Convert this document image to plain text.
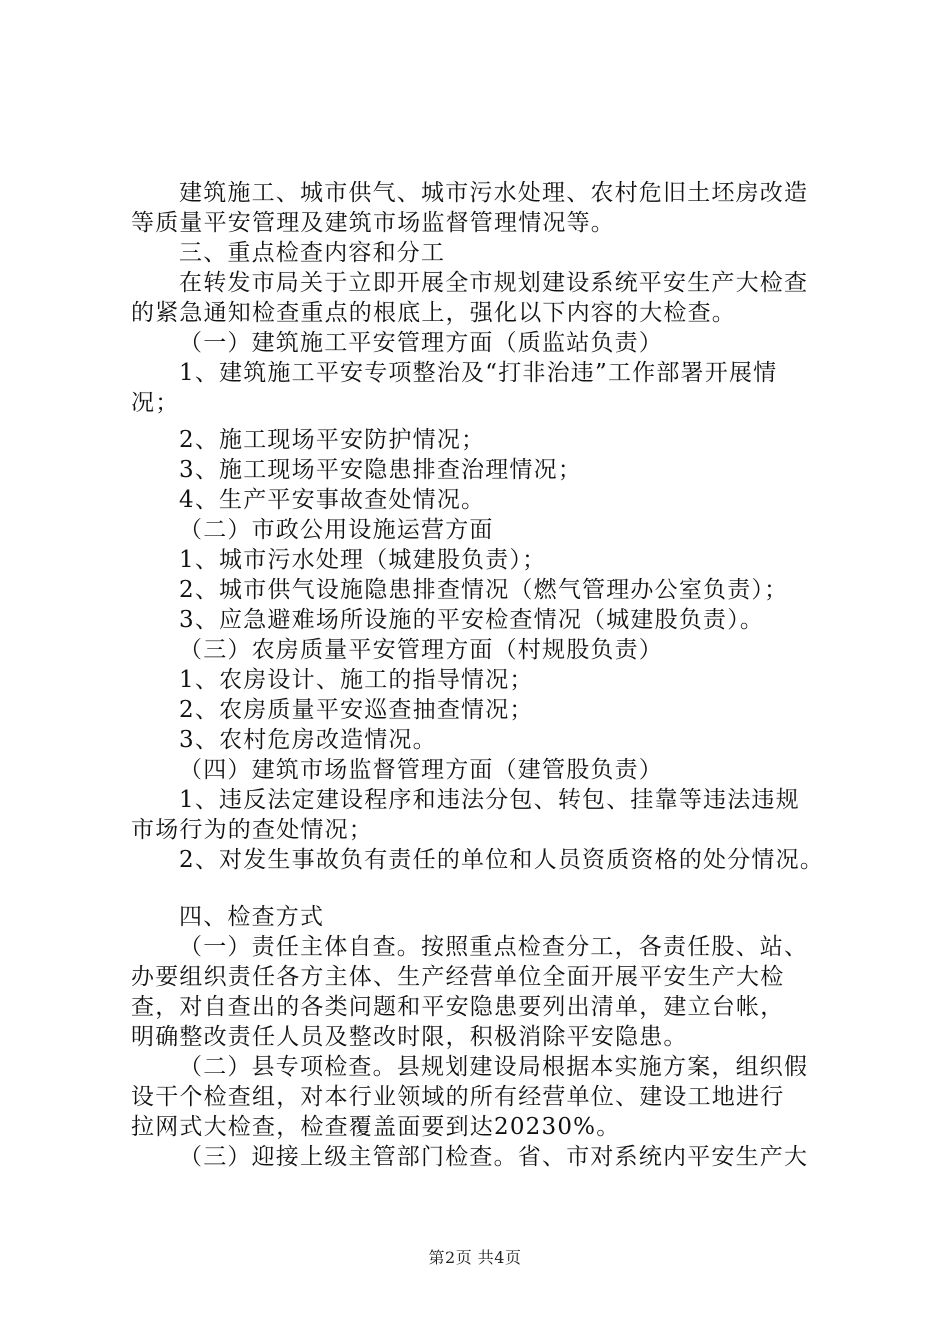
建筑施工、城市供气、城市污水处理、农村危旧土坯房改造
等质量平安管理及建筑市场监督管理情况等。
三、重点检查内容和分工
在转发市局关于立即开展全市规划建设系统平安生产大检查
的紧急通知检查重点的根底上，强化以下内容的大检查。
（一）建筑施工平安管理方面（质监站负责）
1、建筑施工平安专项整治及“打非治违”工作部署开展情
况；
2、施工现场平安防护情况；
3、施工现场平安隐患排查治理情况；
4、生产平安事故查处情况。
（二）市政公用设施运营方面
1、城市污水处理（城建股负责）；
2、城市供气设施隐患排查情况（燃气管理办公室负责）；
3、应急避难场所设施的平安检查情况（城建股负责）。
（三）农房质量平安管理方面（村规股负责）
1、农房设计、施工的指导情况；
2、农房质量平安巡查抽查情况；
3、农村危房改造情况。
（四）建筑市场监督管理方面（建管股负责）
1、违反法定建设程序和违法分包、转包、挂靠等违法违规
市场行为的查处情况；
2、对发生事故负有责任的单位和人员资质资格的处分情况。
四、检查方式
（一）责任主体自查。按照重点检查分工，各责任股、站、
办要组织责任各方主体、生产经营单位全面开展平安生产大检
查，对自查出的各类问题和平安隐患要列出清单，建立台帐，
明确整改责任人员及整改时限，积极消除平安隐患。
（二）县专项检查。县规划建设局根据本实施方案，组织假
设干个检查组，对本行业领域的所有经营单位、建设工地进行
拉网式大检查，检查覆盖面要到达20230%。
（三）迎接上级主管部门检查。省、市对系统内平安生产大
第2页 共4页
